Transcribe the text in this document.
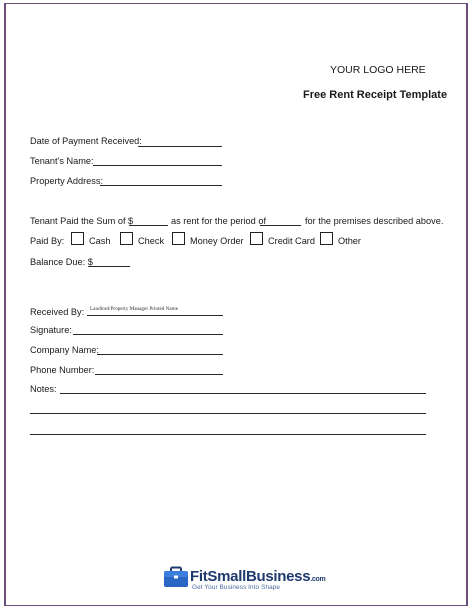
YOUR LOGO HERE
Free Rent Receipt Template
Date of Payment Received:
Tenant's Name:
Property Address:
Tenant Paid the Sum of $	as rent for the period of	for the premises described above.
Paid By:	Cash	Check	Money Order	Credit Card	Other
Balance Due: $
Received By: Landlord/Property Manager Printed Name
Signature:
Company Name:
Phone Number:
Notes:
FitSmallBusiness.com
Get Your Business Into Shape
